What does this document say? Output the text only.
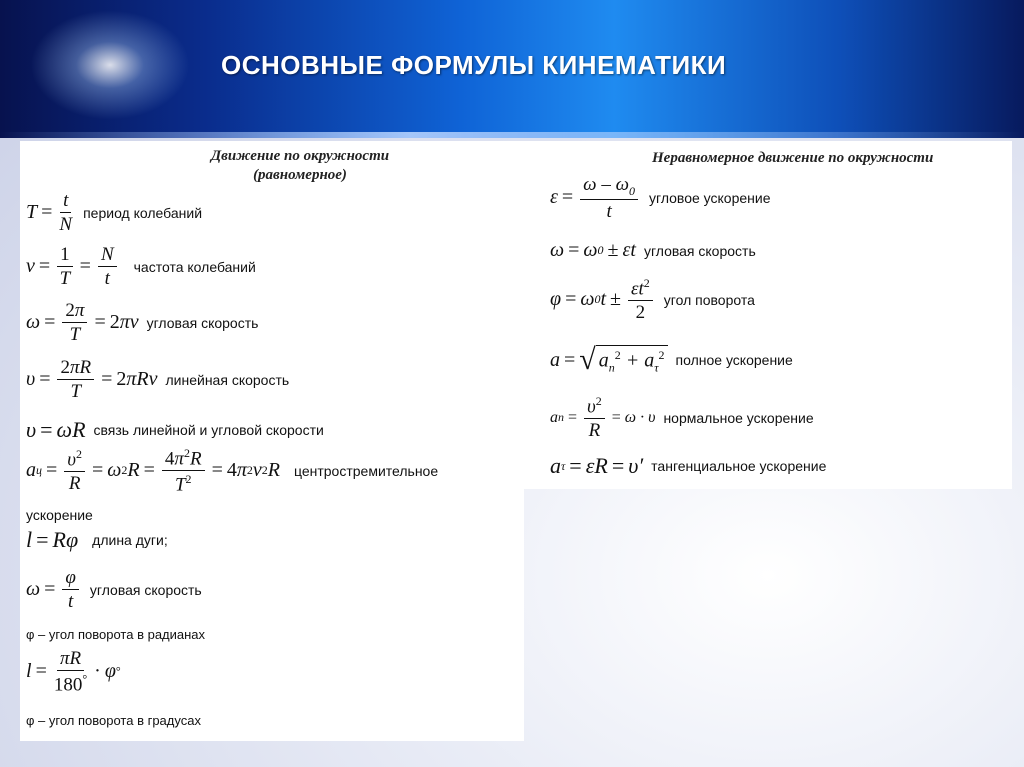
ОСНОВНЫЕ ФОРМУЛЫ КИНЕМАТИКИ
Движение по окружности
(равномерное)
$T = \frac{t}{N}$ период колебаний
$\nu = \frac{1}{T} = \frac{N}{t}$ частота колебаний
$\omega = \frac{2\pi}{T} = 2$ πν угловая скорость
$\upsilon = \frac{2\pi R}{T} = 2$ πRν линейная скорость
υ = ωR связь линейной и угловой скорости
a $ц = \frac{\upsilon^2}{R} = \omega$ 2 $R = \frac{4\pi^2R}{T^2} = 4$ π 2 ν 2 R центростремительное
ускорение
l = Rφ длина дуги;
$\omega = \frac{\varphi}{t}$ угловая скорость
φ – угол поворота в радианах
$l = \frac{\pi R}{180^\circ} \cdot \varphi$ °
φ – угол поворота в градусах
Неравномерное движение по окружности
$\varepsilon = \frac{\omega - \omega_0}{t}$ угловое ускорение
ω = ω 0 ± εt угловая скорость
φ = ω 0 $t \pm \frac{\varepsilon t^2}{2}$ угол поворота
a = √ $a_n^2 + a_\tau^2$ полное ускорение
a $n = \frac{\upsilon^2}{R} = \omega \cdot \upsilon$ нормальное ускорение
a τ = εR = υ′ тангенциальное ускорение
